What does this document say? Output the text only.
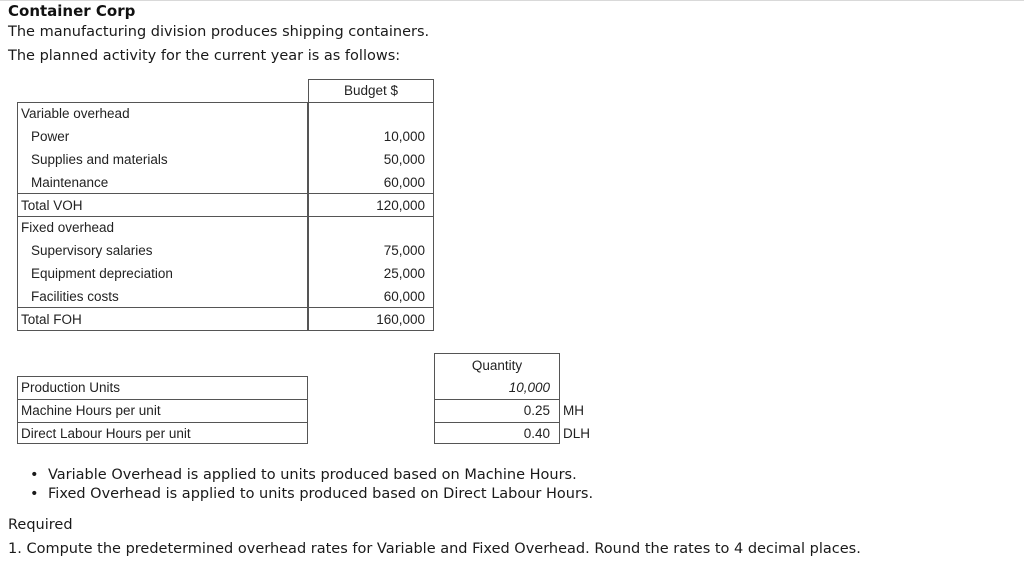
Container Corp
The manufacturing division produces shipping containers.
The planned activity for the current year is as follows:
Budget $
Variable overhead
Power	10,000
Supplies and materials	50,000
Maintenance	60,000
Total VOH	120,000
Fixed overhead
Supervisory salaries	75,000
Equipment depreciation	25,000
Facilities costs	60,000
Total FOH	160,000
Quantity
Production Units	10,000
Machine Hours per unit	0.25 MH
Direct Labour Hours per unit	0.40 DLH
• Variable Overhead is applied to units produced based on Machine Hours.
• Fixed Overhead is applied to units produced based on Direct Labour Hours.
Required
1. Compute the predetermined overhead rates for Variable and Fixed Overhead. Round the rates to 4 decimal places.
